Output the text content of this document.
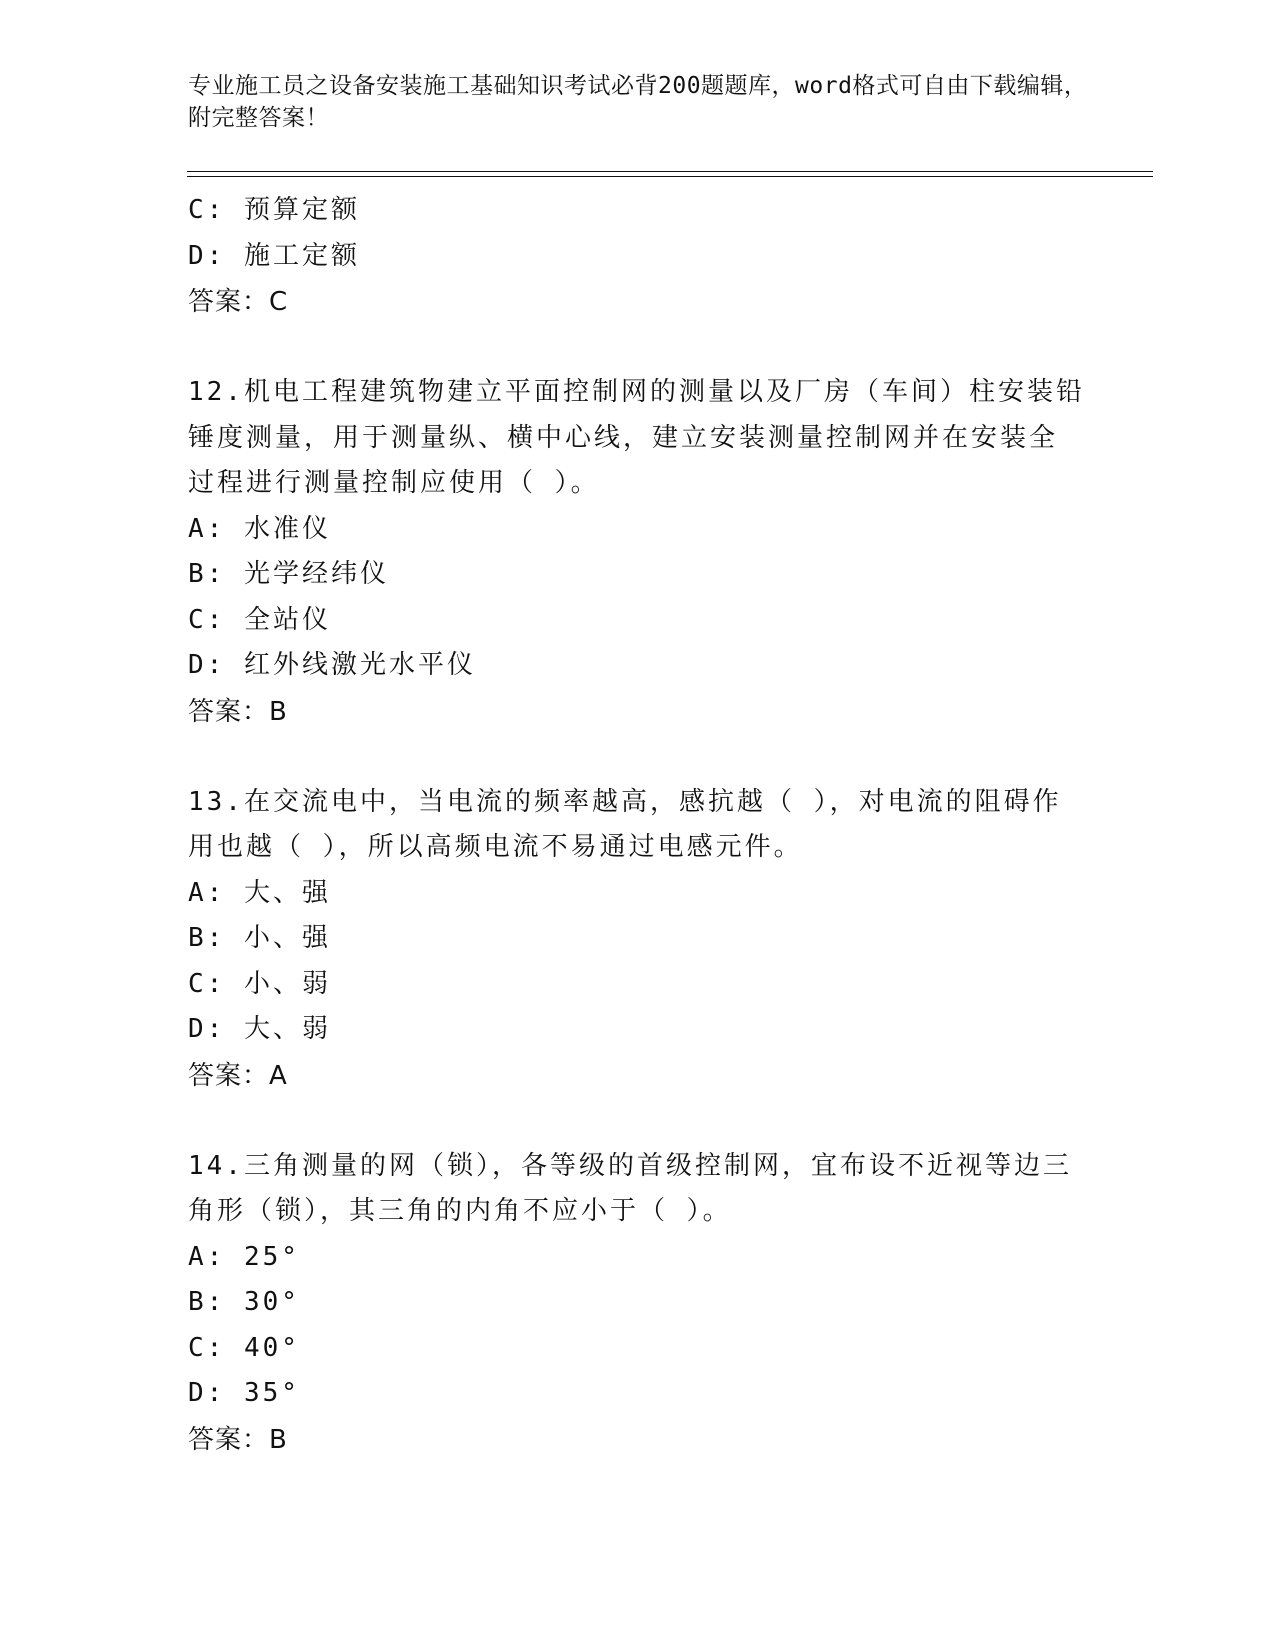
专业施工员之设备安装施工基础知识考试必背200题题库，word格式可自由下载编辑，附完整答案！
C: 预算定额
D: 施工定额
答案：C
12.机电工程建筑物建立平面控制网的测量以及厂房（车间）柱安装铅
锤度测量，用于测量纵、横中心线，建立安装测量控制网并在安装全
过程进行测量控制应使用（ ）。
A: 水准仪
B: 光学经纬仪
C: 全站仪
D: 红外线激光水平仪
答案：B
13.在交流电中，当电流的频率越高，感抗越（ ），对电流的阻碍作
用也越（ ），所以高频电流不易通过电感元件。
A: 大、强
B: 小、强
C: 小、弱
D: 大、弱
答案：A
14.三角测量的网（锁），各等级的首级控制网，宜布设不近视等边三
角形（锁），其三角的内角不应小于（ ）。
A: 25°
B: 30°
C: 40°
D: 35°
答案：B
